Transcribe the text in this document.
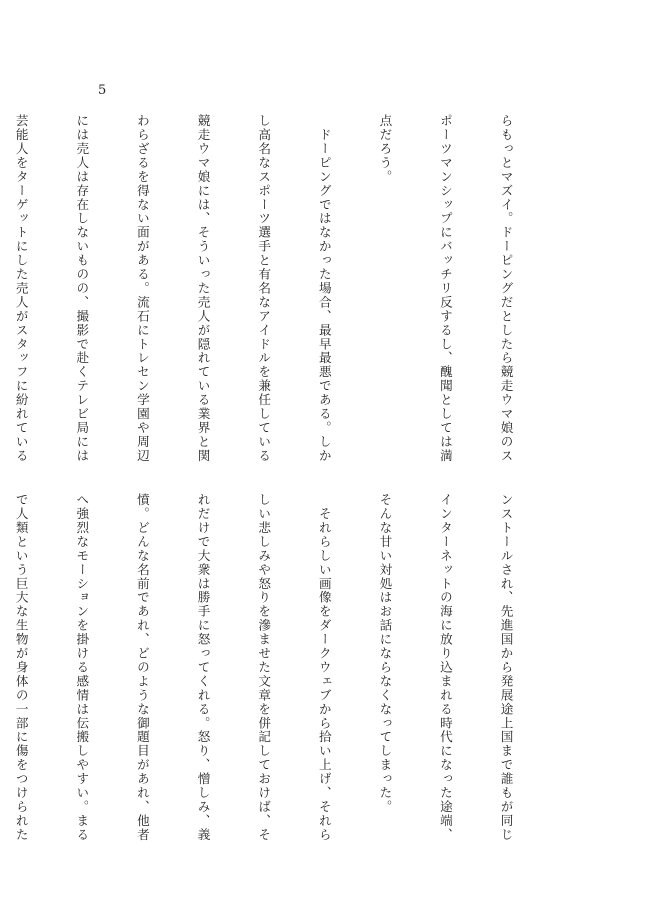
5

らもっとマズイ。ドーピングだとしたら競走ウマ娘のス

ポーツマンシップにバッチリ反するし、醜聞としては満

点だろう。

　ドーピングではなかった場合、最早最悪である。しか

し高名なスポーツ選手と有名なアイドルを兼任している

競走ウマ娘には、そういった売人が隠れている業界と関

わらざるを得ない面がある。流石にトレセン学園や周辺

には売人は存在しないものの、撮影で赴くテレビ局には

芸能人をターゲットにした売人がスタッフに紛れている

ンストールされ、先進国から発展途上国まで誰もが同じ

インターネットの海に放り込まれる時代になった途端、

そんな甘い対処はお話にならなくなってしまった。

　それらしい画像をダークウェブから拾い上げ、それら

しい悲しみや怒りを滲ませた文章を併記しておけば、そ

れだけで大衆は勝手に怒ってくれる。怒り、憎しみ、義

憤。どんな名前であれ、どのような御題目があれ、他者

へ強烈なモーションを掛ける感情は伝搬しやすい。まる

で人類という巨大な生物が身体の一部に傷をつけられた
